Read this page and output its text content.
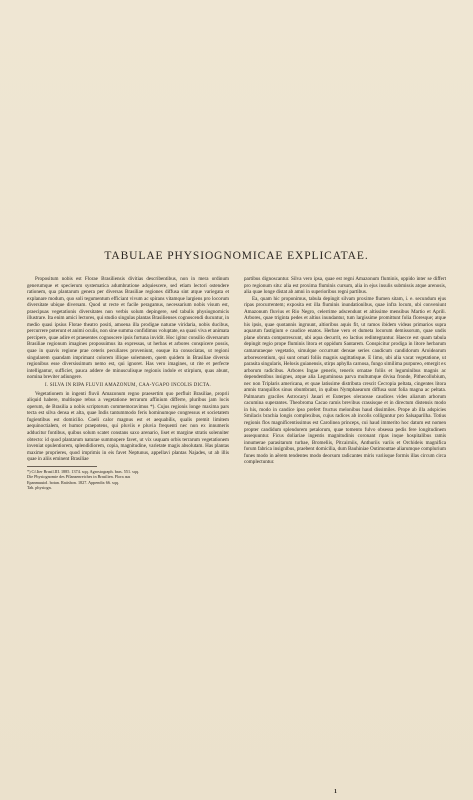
TABULAE PHYSIOGNOMICAE EXPLICATAE.

Propositum nobis est Florae Brasiliensis divitias describentibus, non in mera ordinum generumque et specierum systematica adumbratione adquiescere, sed etiam lectori ostendere rationem, qua plantarum genera per diversas Brasiliae regiones diffusa sint atque variegata et explanare modum, quo soli tegumentum efficiant vivum ac spirans vitamque largiens pro locorum diversitate ubique diversam. Quod ut recte et facile peragamus, necessarium nobis visum est, praecipuas vegetationis diversitates non verbis solum depingere, sed tabulis physiognomicis illustrare. Ita enim amici lectores, qui studio singulas plantas Brasilienses cognoscendi ducuntur, in medio quasi ipsius Florae theatro positi, amoena illa prodigae naturae viridaria, nobis ducibus, percurrere poterunt et animi oculis, non sine summa confidimus voluptate, ea quasi viva et animata percipere, quae adire et praesentes cognoscere ipsis fortuna invidit. Hoc igitur consilio diversarum Brasiliae regionum imagines proposuimus ita expressas, ut herbas et arbores conspicere possis, quae in quavis regione prae ceteris peculiares proveniunt, easque ita consociatas, ut regioni singularem quandam imprimant colorem illique solemnem, quem quidem in Brasiliae diversis regionibus esse diversissimum nemo est, qui ignoret. Has vero imagines, ut rite et perfecte intelligantur, sufficiet, pauca addere de minusculisque regionis indole et stirpium, quas abunt, nomina breviter adiungere.

I. SILVA IN RIPA FLUVII AMAZONUM, CAA-YGAPO INCOLIS DICTA.

Vegetationem in ingenti fluvii Amazonum regno praesertim quo perfluit Brasiliae, proprii aliquid habere, multisque rebus a vegetatione terrarum affinium differre, pluribus jam locis operum, de Brasilia a nobis scriptorum commemoravimus *). Cujus regionis longe maxima pars tecta est silva densa et alta, quae Indis tantummodo feris hominumque congressus et societatem fugientibus est domicilio. Coeli calor magnus est et aequabilis, qualis premit limitem aequinoctialem, et humor praepotens, qui pluviis e pluvia frequenti nec non ex innumeris adducitur fontibus, quibus solum scatet constans saxo arenario, liset et margine stratis solenniter obtecto: id quod plantarum naturae summopere favet, ut vix usquam orbis terrarum vegetationem inveniat opulentiorem, splendidiorem, copia, magnitudine, varietate magis absolutam. Has plantas maxime proprieres, quod imprimis in eis favet Neptunus, appellavi plantas Najades, ut ab illis quae in aliis eminent Brasiliae

*) Cf.Iter Brasil.III. 1885. 1374. sqq. Agrostograph. bras. 551. sqq.
Die Physiognomie des Pflanzenreiches in Brasilien. Flora aus
Epanmuuiol. botan. Ratisbon. 1827. Appendix 66. sqq.
Tab. physiogn.

partibus dignoscantur. Silva vero ipsa, quae est regni Amazonum fluminis, oppido inter se differt pro regionum situ: alia est proxima fluminis cursum, alia in ejus insulis submissis atque arenosis, alia quae longe distat ab amni in superioribus regni partibus.

Ea, quam hic proponimus, tabula depingit silvam proxime flumen sitam, i. e. secundum ejus ripas procurrentem; exposita est illa fluminis inundationibus, quae infra locum, ubi conveniunt Amazonum fluvius et Rio Negro, celerrime adscendunt et altissime mensibus Martio et Aprili. Arbores, quae triginta pedes et altius inundantur, tum largissime promittunt folia floresque; atque his ipsis, quae quotannis ingruunt, altioribus aquis fit, ut ramos ibidem videas primarios supra aquarum fastigium e caudice enatos. Herbae vero et dumeta locorum demissorum, quae undis plane obruta computrescunt, ubi aqua decurrit, eo lactius redintegrantur. Haecce est quam tabula depingit regio prope fluminis litora et oppidum Santarem. Conspicitur prodiga in litore herbarum camaruraeque vegetatio, simulque occurrunt densae series caudicum candidorum Aroidearum arborescentium, qui sunt ornati foliis magnis sagittatisque. E limo, ubi alia vacat vegetatione, ut parasita singularis, Helosis guianensis, stirps aphylla carnosa, fungo similima purpureo, emergit ex arborum radicibus. Arbores Ingae generis, teneris ornatae foliis et leguminibus magnis ac dependentibus insignes, atque alia Leguminosa parva multumque divisa fronde, Pithecollobium, nec non Triplaris americana, et quae latissime distributa crescit Cecropia peltata, cingentes litora amnis tranquillos sinus obumbrant, in quibus Nymphaearum diffusa sunt folia magna ac peltata. Palmarum graciles Astrocaryi Jauari et Euterpes oleraceae caudices vides aliarum arborum cacumina superantes. Theobroma Cacao ramis brevibus crassisque et in directum distensis modo in his, modo in candice ipso prefert fructus melonibus haud dissimiles. Prope ab illa adspicies Smilacis brachia longis complexibus, cujus radices ab incolis colliguntur pro Salsaparilha. Totius regionis flos magnificentissimus est Carolinea princeps, cui haud immerito hoc datum est nomen propter candidum splendorem petalorum, quae tomento fulvo obsessa pedis fere longitudinem assequuntur. Ficus doliariae ingentis magnitudinis coronant ripas inque hospitalibus ramis innumerae parasitarum turbae, Bromeliis, Pitcairniis, Anthuriis variis et Orchideis magnifica forum fabrica insignibus, praebent domicilia, dum Bauhiniae Outimouttae aliarumque complurium funes modo in aërem tendentes modo deorsum radicantes miris variisque formis illas circum circa complectuntur.

1
